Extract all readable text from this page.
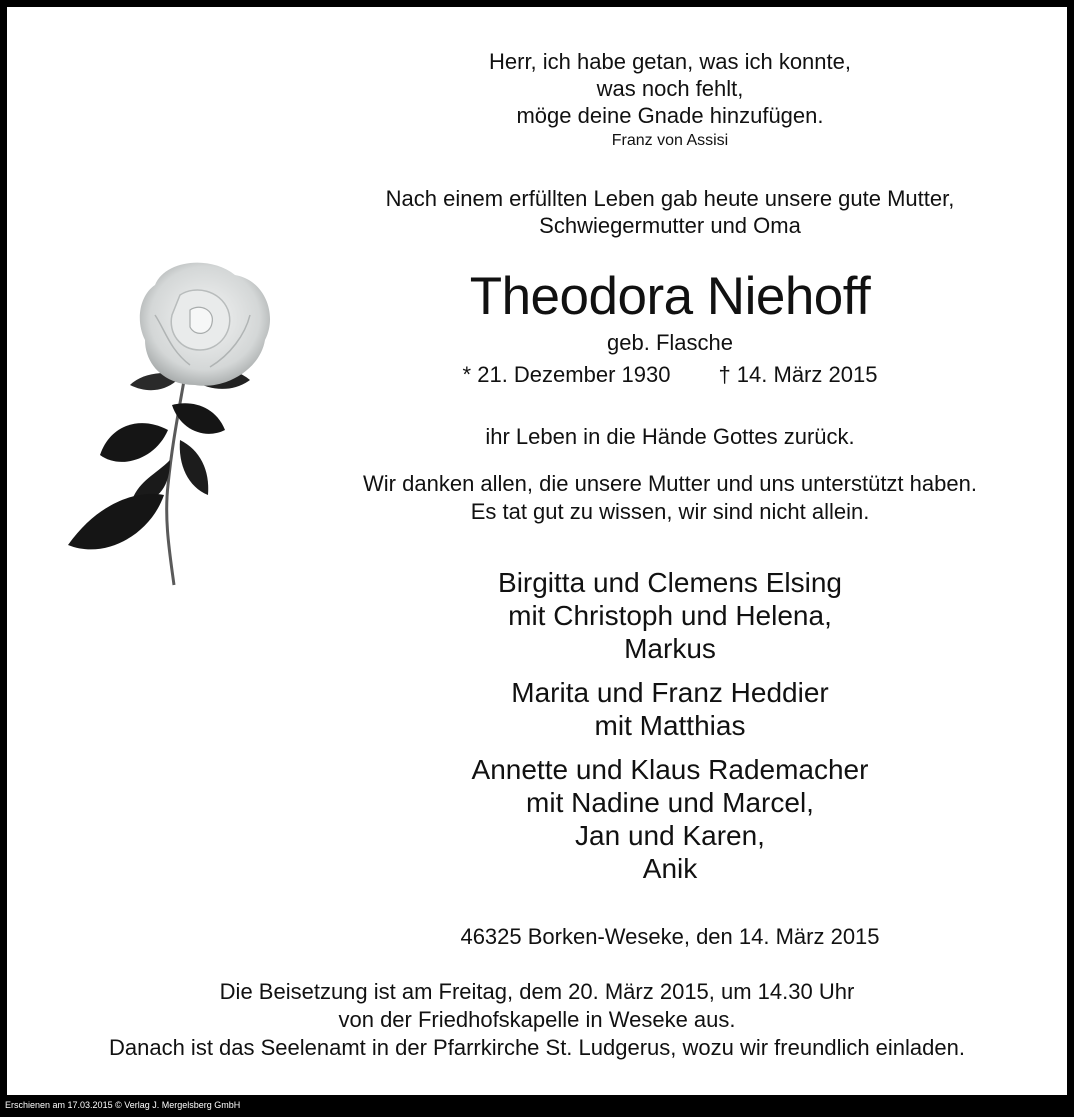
Herr, ich habe getan, was ich konnte,
was noch fehlt,
möge deine Gnade hinzufügen.
Franz von Assisi
Nach einem erfüllten Leben gab heute unsere gute Mutter,
Schwiegermutter und Oma
Theodora Niehoff
geb. Flasche
* 21. Dezember 1930 † 14. März 2015
ihr Leben in die Hände Gottes zurück.
Wir danken allen, die unsere Mutter und uns unterstützt haben.
Es tat gut zu wissen, wir sind nicht allein.
Birgitta und Clemens Elsing
mit Christoph und Helena,
Markus
Marita und Franz Heddier
mit Matthias
Annette und Klaus Rademacher
mit Nadine und Marcel,
Jan und Karen,
Anik
46325 Borken-Weseke, den 14. März 2015
Die Beisetzung ist am Freitag, dem 20. März 2015, um 14.30 Uhr
von der Friedhofskapelle in Weseke aus.
Danach ist das Seelenamt in der Pfarrkirche St. Ludgerus, wozu wir freundlich einladen.
Erschienen am 17.03.2015 © Verlag J. Mergelsberg GmbH
